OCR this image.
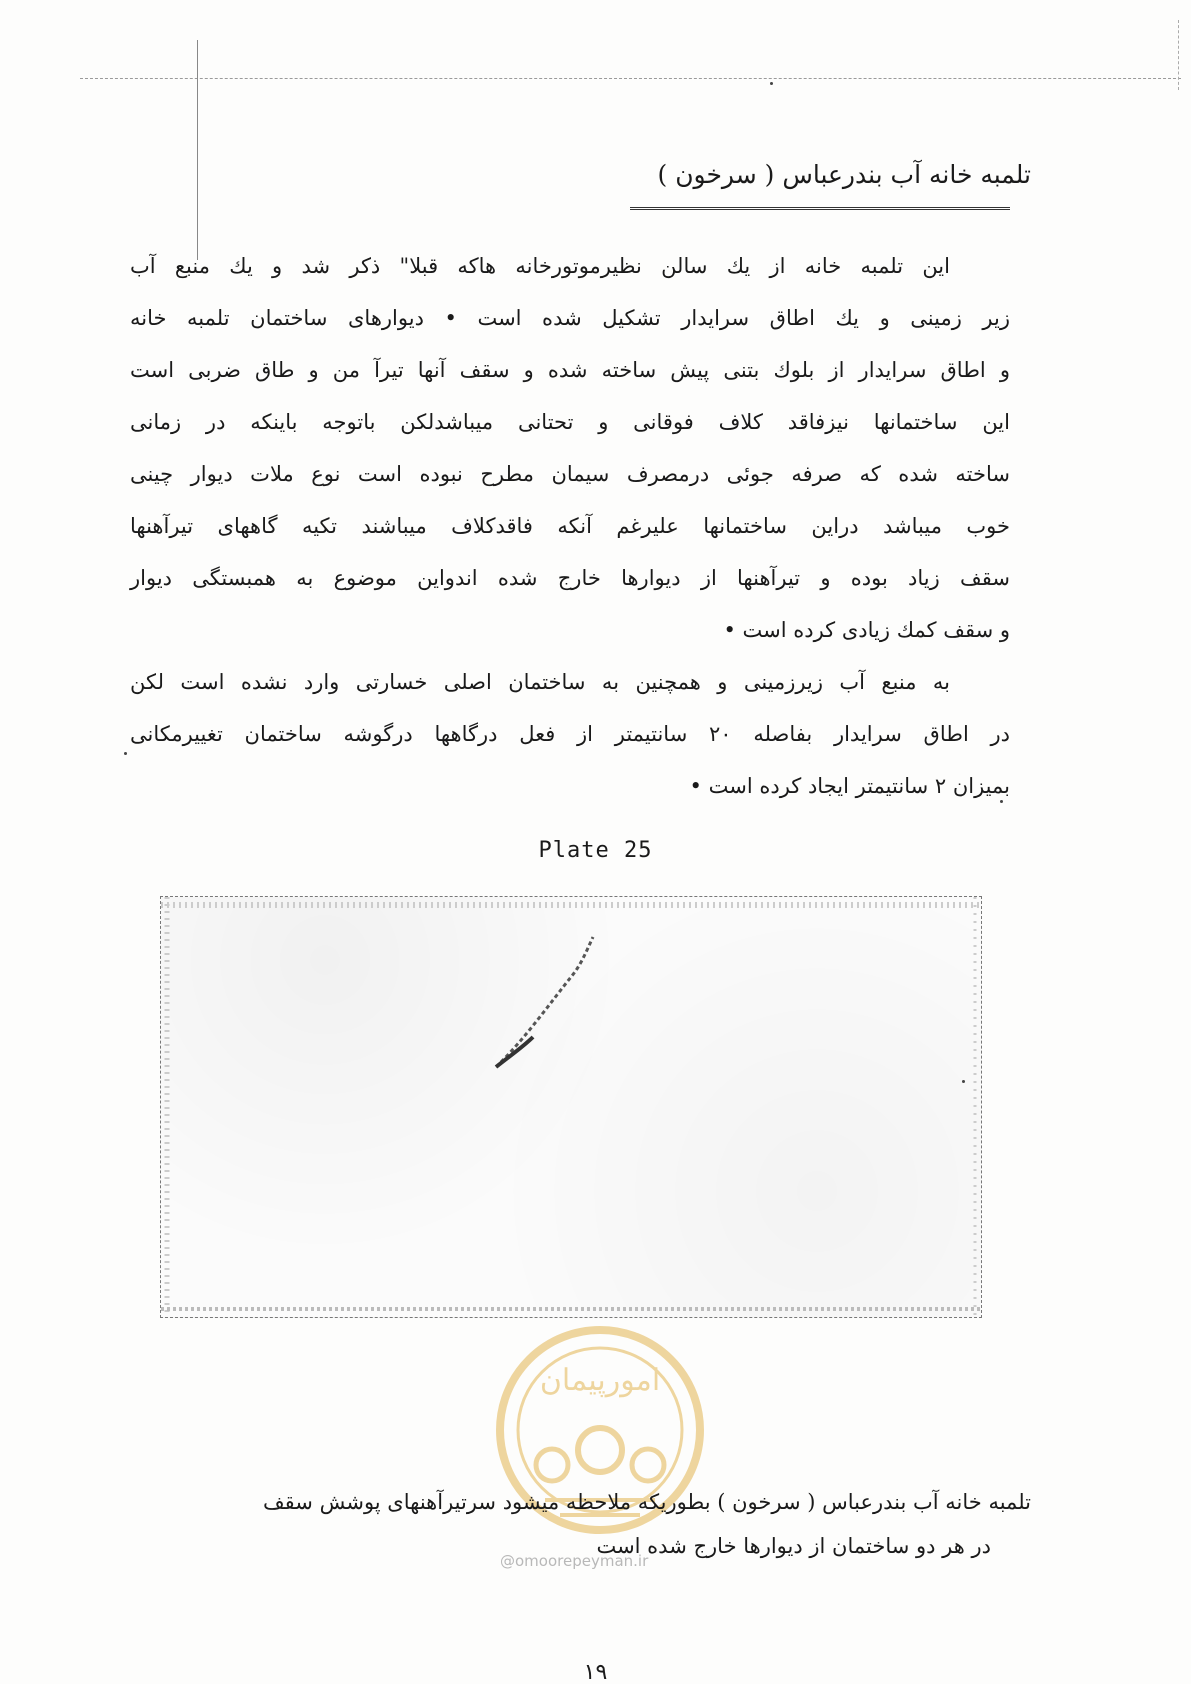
تلمبه خانه آب بندرعباس ( سرخون )
این تلمبه خانه از یك سالن نظیرموتورخانه هاكه قبلا" ذكر شد و یك منبع آب
زیر زمینی و یك اطاق سرایدار تشكیل شده است • دیوارهای ساختمان تلمبه خانه
و اطاق سرایدار از بلوك بتنی پیش ساخته شده و سقف آنها تیرآ من و طاق ضربی است
این ساختمانها نیزفاقد كلاف فوقانی و تحتانی میباشدلكن باتوجه باینكه در زمانی
ساخته شده كه صرفه جوئی درمصرف سیمان مطرح نبوده است نوع ملات دیوار چینی
خوب میباشد دراین ساختمانها علیرغم آنكه فاقدكلاف میباشند تكیه گاههای تیرآهنها
سقف زیاد بوده و تیرآهنها از دیوارها خارج شده اندواین موضوع به همبستگی دیوار
و سقف كمك زیادی كرده است •
به منبع آب زیرزمینی و همچنین به ساختمان اصلی خسارتی وارد نشده است لكن
در اطاق سرایدار بفاصله ۲۰ سانتیمتر از فعل درگاهها درگوشه ساختمان تغییرمكانی
بمیزان ۲ سانتیمتر ایجاد كرده است •
Plate 25
امورپیمان
تلمبه خانه آب بندرعباس ( سرخون ) بطوریكه ملاحظه میشود سرتیرآهنهای پوشش سقف
در هر دو ساختمان از دیوارها خارج شده است
@omoorepeyman.ir
۱۹
